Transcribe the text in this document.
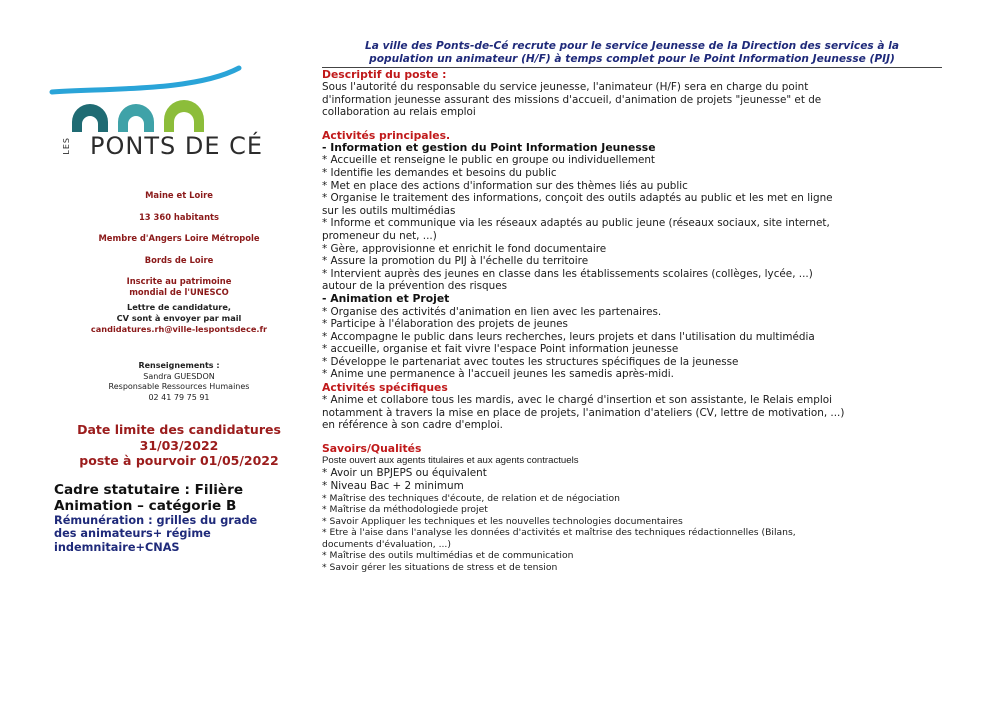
LES PONTS DE CÉ
Maine et Loire
13 360 habitants
Membre d'Angers Loire Métropole
Bords de Loire
Inscrite au patrimoine
mondial de l'UNESCO
Lettre de candidature,
CV sont à envoyer par mail
candidatures.rh@ville-lespontsdece.fr
Renseignements :
Sandra GUESDON
Responsable Ressources Humaines
02 41 79 75 91
Date limite des candidatures
31/03/2022
poste à pourvoir 01/05/2022
Cadre statutaire : Filière
Animation – catégorie B
Rémunération : grilles du grade
des animateurs+ régime
indemnitaire+CNAS
La ville des Ponts-de-Cé recrute pour le service Jeunesse de la Direction des services à la
population un animateur (H/F) à temps complet pour le Point Information Jeunesse (PIJ)
Descriptif du poste :
Sous l'autorité du responsable du service jeunesse, l'animateur (H/F) sera en charge du point
d'information jeunesse assurant des missions d'accueil, d'animation de projets "jeunesse" et de
collaboration au relais emploi
Activités principales.
- Information et gestion du Point Information Jeunesse
* Accueille et renseigne le public en groupe ou individuellement
* Identifie les demandes et besoins du public
* Met en place des actions d'information sur des thèmes liés au public
* Organise le traitement des informations, conçoit des outils adaptés au public et les met en ligne
sur les outils multimédias
* Informe et communique via les réseaux adaptés au public jeune (réseaux sociaux, site internet,
promeneur du net, ...)
* Gère, approvisionne et enrichit le fond documentaire
* Assure la promotion du PIJ à l'échelle du territoire
* Intervient auprès des jeunes en classe dans les établissements scolaires (collèges, lycée, ...)
autour de la prévention des risques
- Animation et Projet
* Organise des activités d'animation en lien avec les partenaires.
* Participe à l'élaboration des projets de jeunes
* Accompagne le public dans leurs recherches, leurs projets et dans l'utilisation du multimédia
* accueille, organise et fait vivre l'espace Point information jeunesse
* Développe le partenariat avec toutes les structures spécifiques de la jeunesse
* Anime une permanence à l'accueil jeunes les samedis après-midi.
Activités spécifiques
* Anime et collabore tous les mardis, avec le chargé d'insertion et son assistante, le Relais emploi
notamment à travers la mise en place de projets, l'animation d'ateliers (CV, lettre de motivation, ...)
en référence à son cadre d'emploi.
Savoirs/Qualités
Poste ouvert aux agents titulaires et aux agents contractuels
* Avoir un BPJEPS ou équivalent
* Niveau Bac + 2 minimum
* Maîtrise des techniques d'écoute, de relation et de négociation
* Maîtrise da méthodologiede projet
* Savoir Appliquer les techniques et les nouvelles technologies documentaires
* Etre à l'aise dans l'analyse les données d'activités et maîtrise des techniques rédactionnelles (Bilans,
documents d'évaluation, ...)
* Maîtrise des outils multimédias et de communication
* Savoir gérer les situations de stress et de tension
